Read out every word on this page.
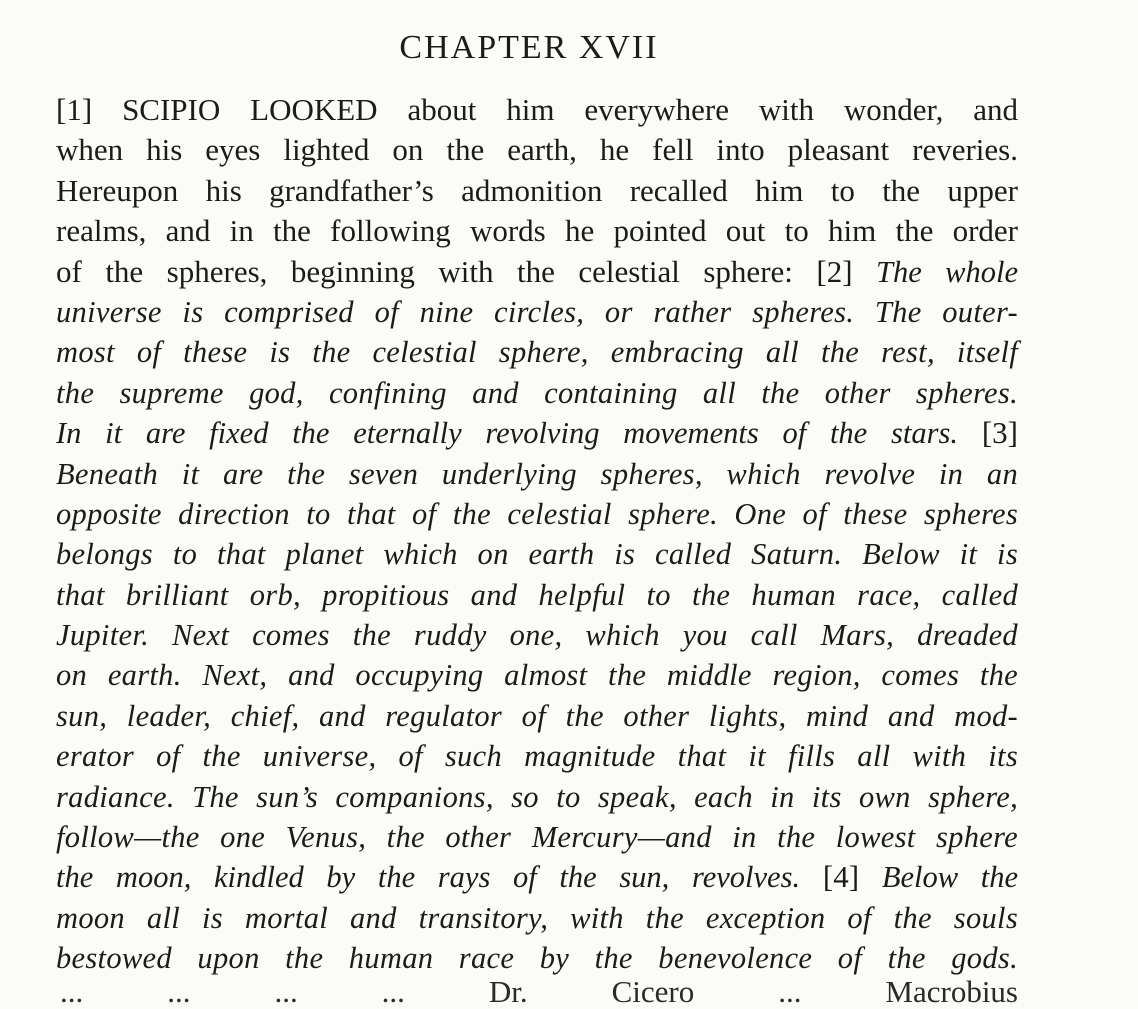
CHAPTER XVII
[1] SCIPIO LOOKED about him everywhere with wonder, and
when his eyes lighted on the earth, he fell into pleasant reveries.
Hereupon his grandfather’s admonition recalled him to the upper
realms, and in the following words he pointed out to him the order
of the spheres, beginning with the celestial sphere: [2] The whole
universe is comprised of nine circles, or rather spheres. The outer-
most of these is the celestial sphere, embracing all the rest, itself
the supreme god, confining and containing all the other spheres.
In it are fixed the eternally revolving movements of the stars. [3]
Beneath it are the seven underlying spheres, which revolve in an
opposite direction to that of the celestial sphere. One of these spheres
belongs to that planet which on earth is called Saturn. Below it is
that brilliant orb, propitious and helpful to the human race, called
Jupiter. Next comes the ruddy one, which you call Mars, dreaded
on earth. Next, and occupying almost the middle region, comes the
sun, leader, chief, and regulator of the other lights, mind and mod-
erator of the universe, of such magnitude that it fills all with its
radiance. The sun’s companions, so to speak, each in its own sphere,
follow—the one Venus, the other Mercury—and in the lowest sphere
the moon, kindled by the rays of the sun, revolves. [4] Below the
moon all is mortal and transitory, with the exception of the souls
bestowed upon the human race by the benevolence of the gods.
... ... ... ... Dr. Cicero ... Macrobius
